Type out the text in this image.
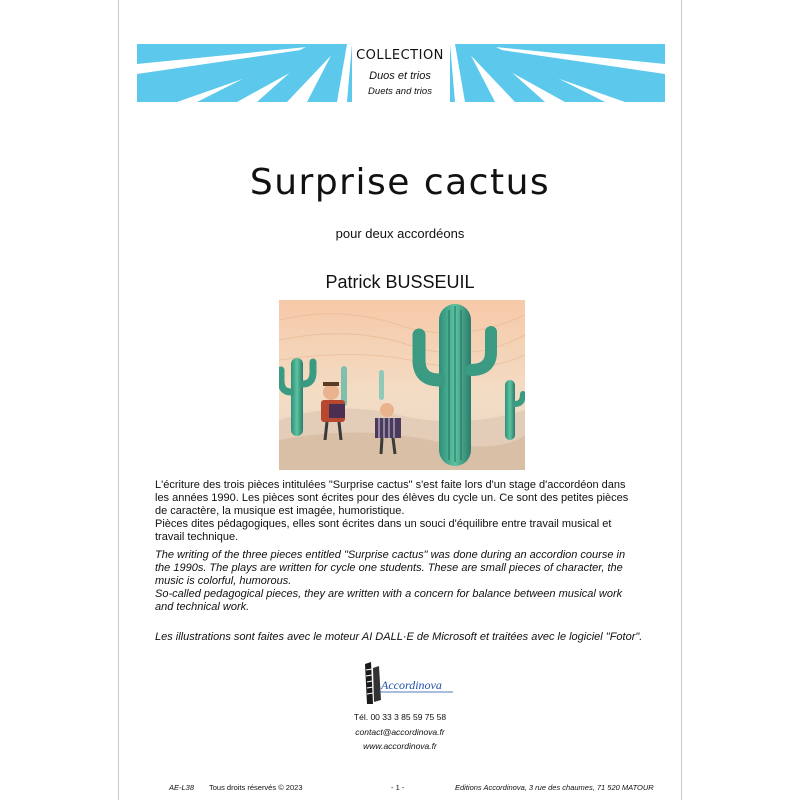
COLLECTION
Duos et trios
Duets and trios
Surprise cactus
pour deux accordéons
Patrick BUSSEUIL

L'écriture des trois pièces intitulées "Surprise cactus" s'est faite lors d'un stage d'accordéon dans

les années 1990. Les pièces sont écrites pour des élèves du cycle un. Ce sont des petites pièces

de caractère, la musique est imagée, humoristique.

Pièces dites pédagogiques, elles sont écrites dans un souci d'équilibre entre travail musical et

travail technique.

The writing of the three pieces entitled "Surprise cactus" was done during an accordion course in

the 1990s. The plays are written for cycle one students. These are small pieces of character, the

music is colorful, humorous.

So-called pedagogical pieces, they are written with a concern for balance between musical work

and technical work.

Les illustrations sont faites avec le moteur AI DALL·E de Microsoft et traitées avec le logiciel "Fotor".
Accordinova
Tél. 00 33 3 85 59 75 58
contact@accordinova.fr
www.accordinova.fr
AE-L38 Tous droits réservés © 2023	- 1 -	Editions Accordinova, 3 rue des chaumes, 71 520 MATOUR
